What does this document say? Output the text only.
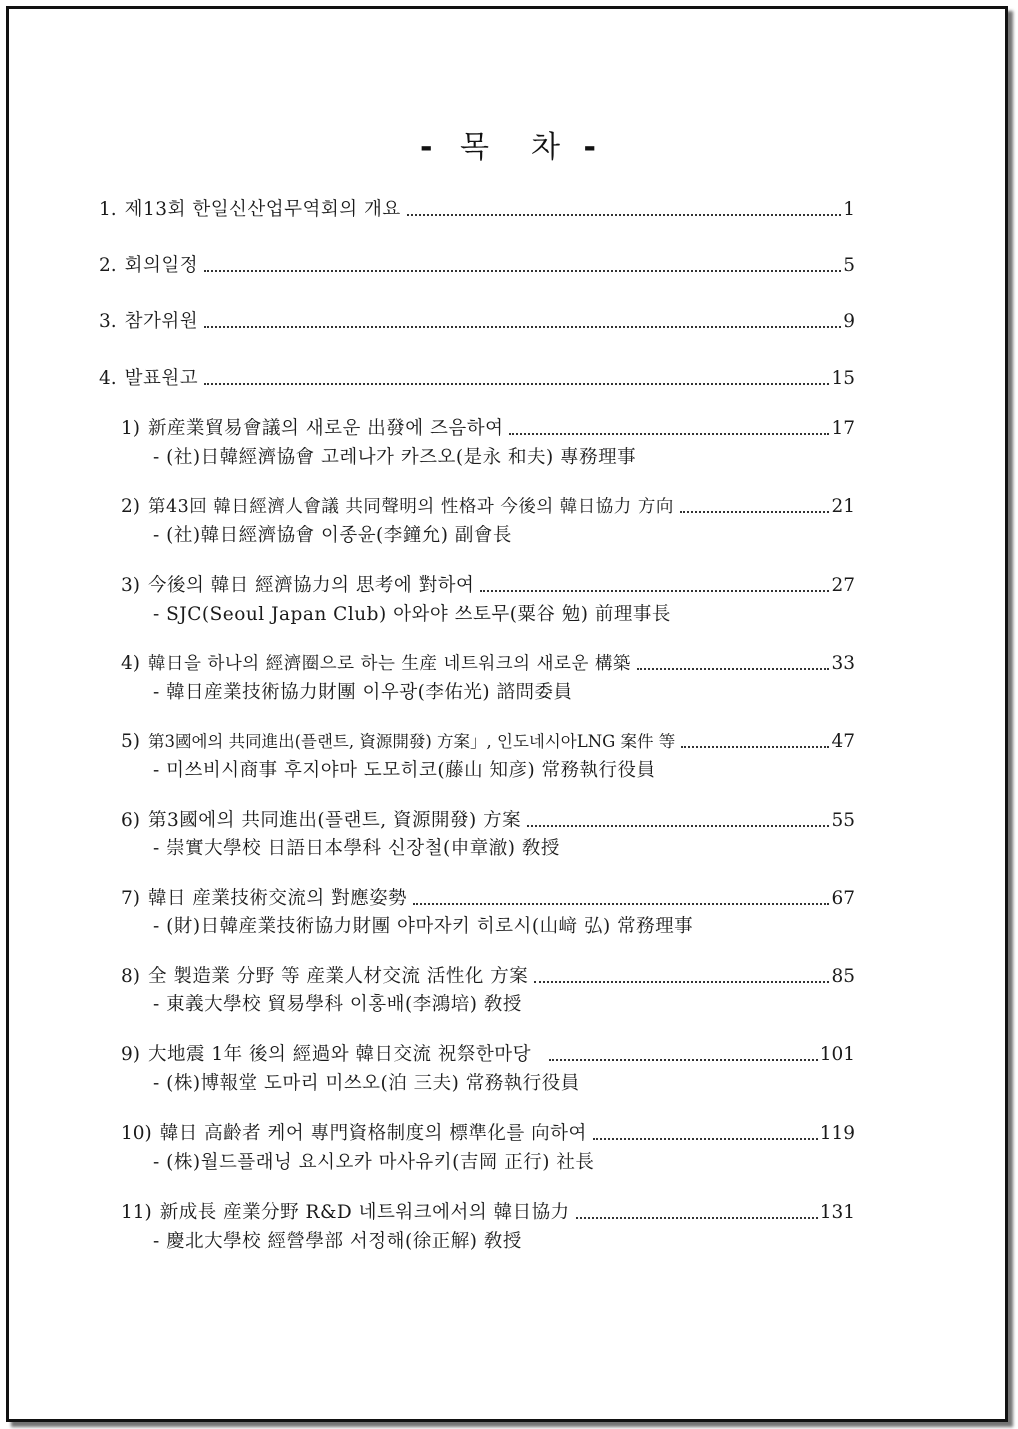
- 목 차 -
1. 제13회 한일신산업무역회의 개요	1
2. 회의일정	5
3. 참가위원	9
4. 발표원고	15
1) 新産業貿易會議의 새로운 出發에 즈음하여	17
- (社)日韓經濟協會 고레나가 카즈오(是永 和夫) 專務理事
2) 第43回 韓日經濟人會議 共同聲明의 性格과 今後의 韓日協力 方向	21
- (社)韓日經濟協會 이종윤(李鐘允) 副會長
3) 今後의 韓日 經濟協力의 思考에 對하여	27
- SJC(Seoul Japan Club) 아와야 쓰토무(粟谷 勉) 前理事長
4) 韓日을 하나의 經濟圈으로 하는 生産 네트워크의 새로운 構築	33
- 韓日産業技術協力財團 이우광(李佑光) 諮問委員
5) 第3國에의 共同進出(플랜트, 資源開發) 方案」, 인도네시아LNG 案件 等	47
- 미쓰비시商事 후지야마 도모히코(藤山 知彦) 常務執行役員
6) 第3國에의 共同進出(플랜트, 資源開發) 方案	55
- 崇實大學校 日語日本學科 신장철(申章澈) 敎授
7) 韓日 産業技術交流의 對應姿勢	67
- (財)日韓産業技術協力財團 야마자키 히로시(山﨑 弘) 常務理事
8) 全 製造業 分野 等 産業人材交流 活性化 方案	85
- 東義大學校 貿易學科 이홍배(李鴻培) 敎授
9) 大地震 1年 後의 經過와 韓日交流 祝祭한마당	101
- (株)博報堂 도마리 미쓰오(泊 三夫) 常務執行役員
10) 韓日 高齡者 케어 專門資格制度의 標準化를 向하여	119
- (株)월드플래닝 요시오카 마사유키(吉岡 正行) 社長
11) 新成長 産業分野 R&D 네트워크에서의 韓日協力	131
- 慶北大學校 經營學部 서정해(徐正解) 敎授
